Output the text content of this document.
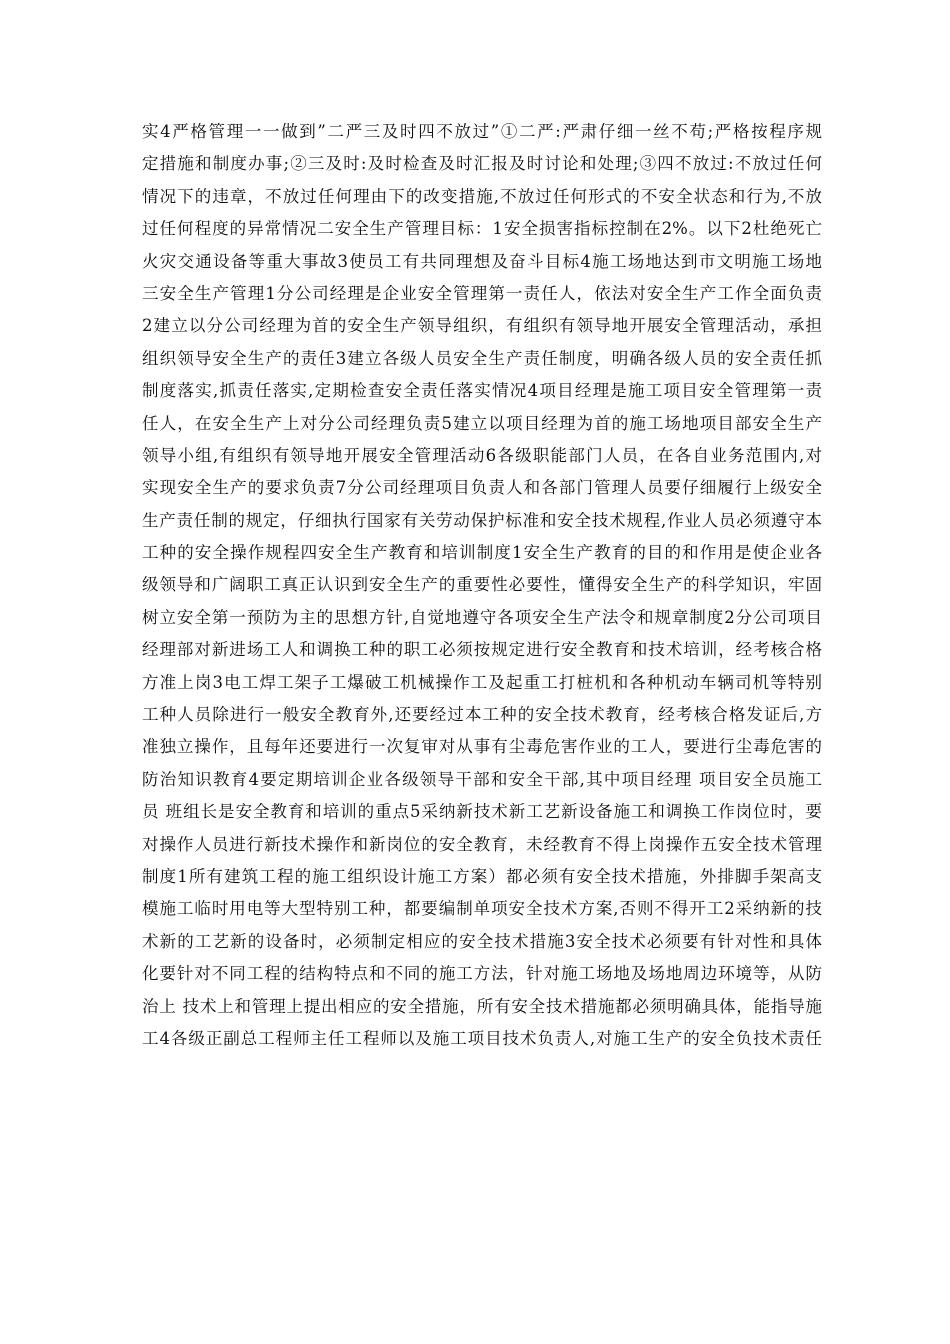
实4严格管理一一做到”二严三及时四不放过”①二严:严肃仔细一丝不苟;严格按程序规
定措施和制度办事;②三及时:及时检查及时汇报及时讨论和处理;③四不放过:不放过任何
情况下的违章，不放过任何理由下的改变措施,不放过任何形式的不安全状态和行为,不放
过任何程度的异常情况二安全生产管理目标：1安全损害指标控制在2%。以下2杜绝死亡
火灾交通设备等重大事故3使员工有共同理想及奋斗目标4施工场地达到市文明施工场地
三安全生产管理1分公司经理是企业安全管理第一责任人，依法对安全生产工作全面负责
2建立以分公司经理为首的安全生产领导组织，有组织有领导地开展安全管理活动，承担
组织领导安全生产的责任3建立各级人员安全生产责任制度，明确各级人员的安全责任抓
制度落实,抓责任落实,定期检查安全责任落实情况4项目经理是施工项目安全管理第一责
任人，在安全生产上对分公司经理负责5建立以项目经理为首的施工场地项目部安全生产
领导小组,有组织有领导地开展安全管理活动6各级职能部门人员，在各自业务范围内,对
实现安全生产的要求负责7分公司经理项目负责人和各部门管理人员要仔细履行上级安全
生产责任制的规定，仔细执行国家有关劳动保护标准和安全技术规程,作业人员必须遵守本
工种的安全操作规程四安全生产教育和培训制度1安全生产教育的目的和作用是使企业各
级领导和广阔职工真正认识到安全生产的重要性必要性，懂得安全生产的科学知识，牢固
树立安全第一预防为主的思想方针,自觉地遵守各项安全生产法令和规章制度2分公司项目
经理部对新进场工人和调换工种的职工必须按规定进行安全教育和技术培训，经考核合格
方准上岗3电工焊工架子工爆破工机械操作工及起重工打桩机和各种机动车辆司机等特别
工种人员除进行一般安全教育外,还要经过本工种的安全技术教育，经考核合格发证后,方
准独立操作，且每年还要进行一次复审对从事有尘毒危害作业的工人，要进行尘毒危害的
防治知识教育4要定期培训企业各级领导干部和安全干部,其中项目经理 项目安全员施工
员 班组长是安全教育和培训的重点5采纳新技术新工艺新设备施工和调换工作岗位时，要
对操作人员进行新技术操作和新岗位的安全教育，未经教育不得上岗操作五安全技术管理
制度1所有建筑工程的施工组织设计施工方案）都必须有安全技术措施，外排脚手架高支
模施工临时用电等大型特别工种，都要编制单项安全技术方案,否则不得开工2采纳新的技
术新的工艺新的设备时，必须制定相应的安全技术措施3安全技术必须要有针对性和具体
化要针对不同工程的结构特点和不同的施工方法，针对施工场地及场地周边环境等，从防
治上 技术上和管理上提出相应的安全措施，所有安全技术措施都必须明确具体，能指导施
工4各级正副总工程师主任工程师以及施工项目技术负责人,对施工生产的安全负技术责任
